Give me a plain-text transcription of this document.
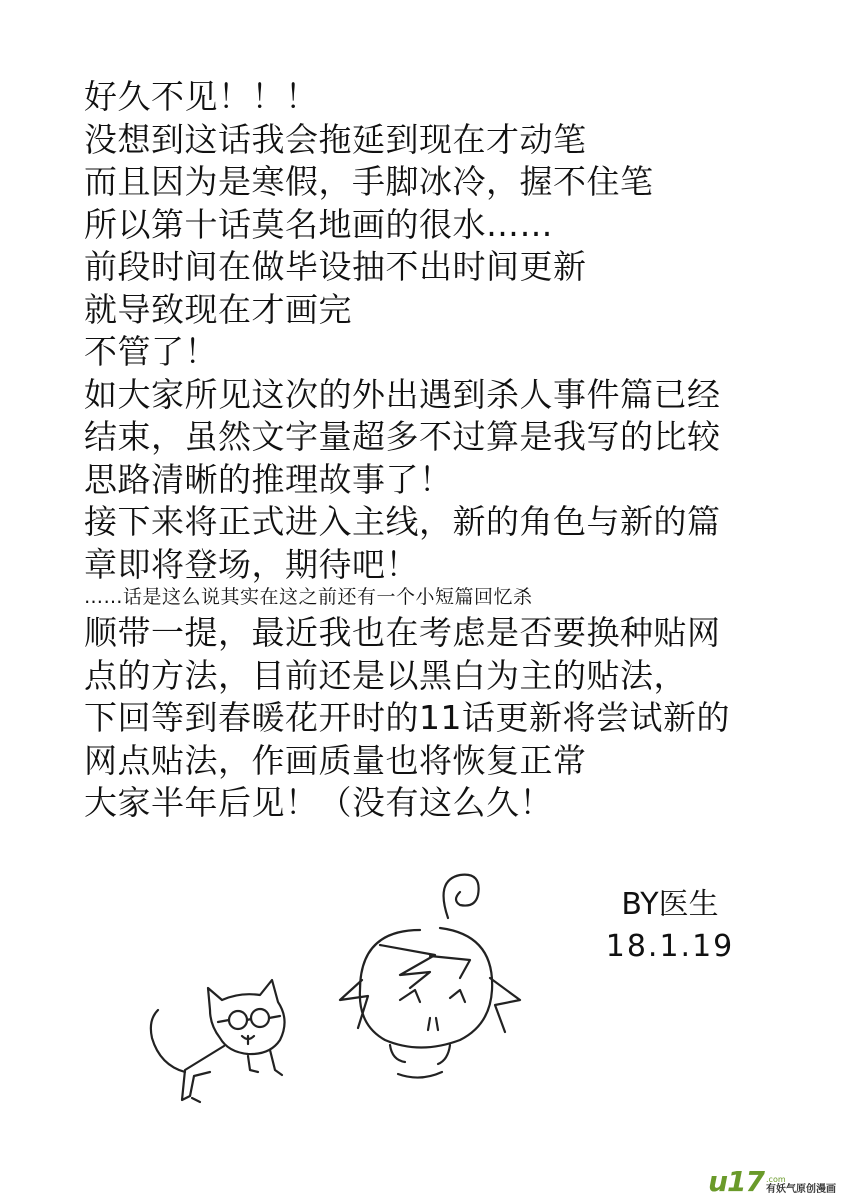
好久不见！！！
没想到这话我会拖延到现在才动笔
而且因为是寒假，手脚冰冷，握不住笔
所以第十话莫名地画的很水……
前段时间在做毕设抽不出时间更新
就导致现在才画完
不管了！
如大家所见这次的外出遇到杀人事件篇已经
结束，虽然文字量超多不过算是我写的比较
思路清晰的推理故事了！
接下来将正式进入主线，新的角色与新的篇
章即将登场，期待吧！
……话是这么说其实在这之前还有一个小短篇回忆杀
顺带一提，最近我也在考虑是否要换种贴网
点的方法，目前还是以黑白为主的贴法，
下回等到春暖花开时的11话更新将尝试新的
网点贴法，作画质量也将恢复正常
大家半年后见！（没有这么久！
BY医生
18.1.19
u17 .com
有妖气原创漫画
